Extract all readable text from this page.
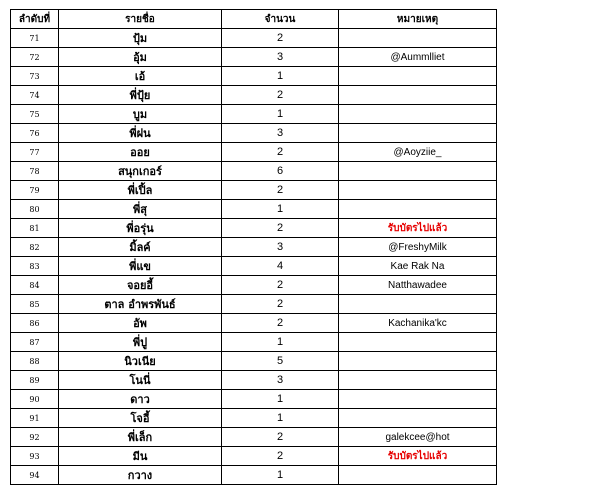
ลำดับที่	รายชื่อ	จำนวน	หมายเหตุ
71	ปุ้ม	2	
72	อุ้ม	3	@Aummlliet
73	เอ้	1	
74	พี่ปุ้ย	2	
75	บูม	1	
76	พี่ฝน	3	
77	ออย	2	@Aoyziie_
78	สนุกเกอร์	6	
79	พี่เปิ้ล	2	
80	พี่สุ	1	
81	พี่อรุ่น	2	รับบัตรไปแล้ว
82	มิ้ลค์	3	@FreshyMilk
83	พี่แข	4	Kae Rak Na
84	จอยอี้	2	Natthawadee
85	ตาล อำพรพันธ์	2	
86	อัพ	2	Kachanika'kc
87	พี่ปู	1	
88	นิวเนีย	5	
89	โนนี่	3	
90	ดาว	1	
91	โจอี้	1	
92	พี่เล็ก	2	galekcee@hot
93	มีน	2	รับบัตรไปแล้ว
94	กวาง	1	
